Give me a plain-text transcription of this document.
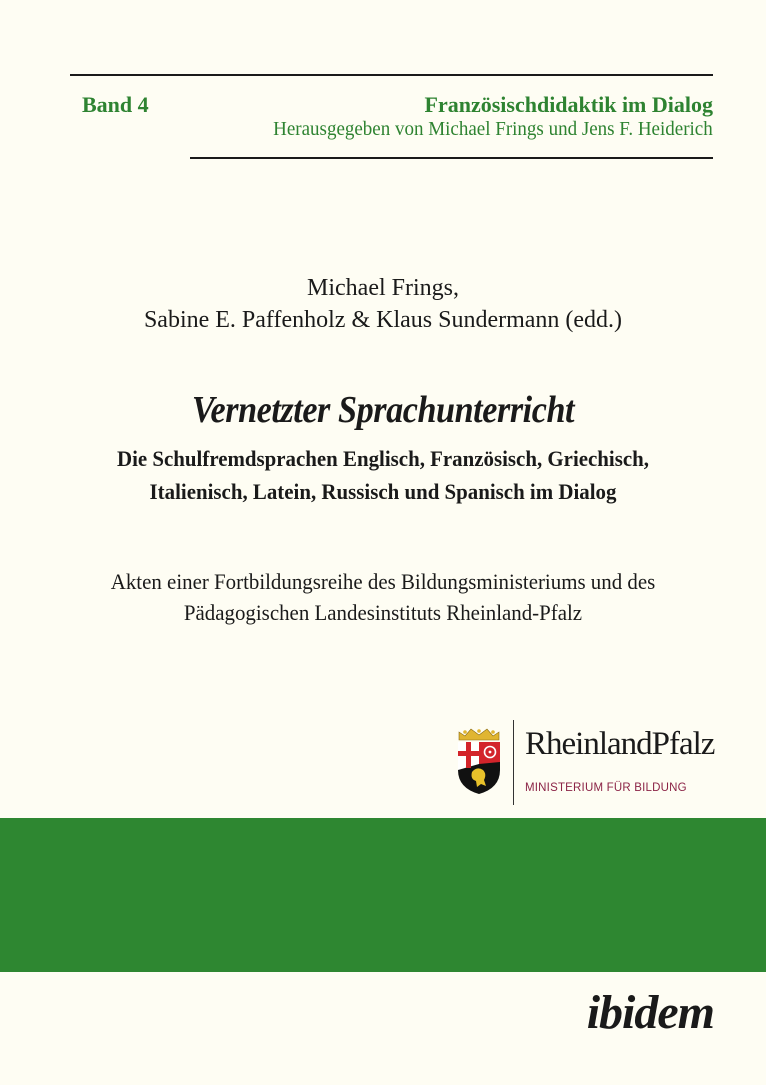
Band 4	Französischdidaktik im Dialog
Herausgegeben von Michael Frings und Jens F. Heiderich
Michael Frings,
Sabine E. Paffenholz & Klaus Sundermann (edd.)
Vernetzter Sprachunterricht
Die Schulfremdsprachen Englisch, Französisch, Griechisch,
Italienisch, Latein, Russisch und Spanisch im Dialog
Akten einer Fortbildungsreihe des Bildungsministeriums und des
Pädagogischen Landesinstituts Rheinland-Pfalz
RheinlandPfalz
MINISTERIUM FÜR BILDUNG
ibidem
